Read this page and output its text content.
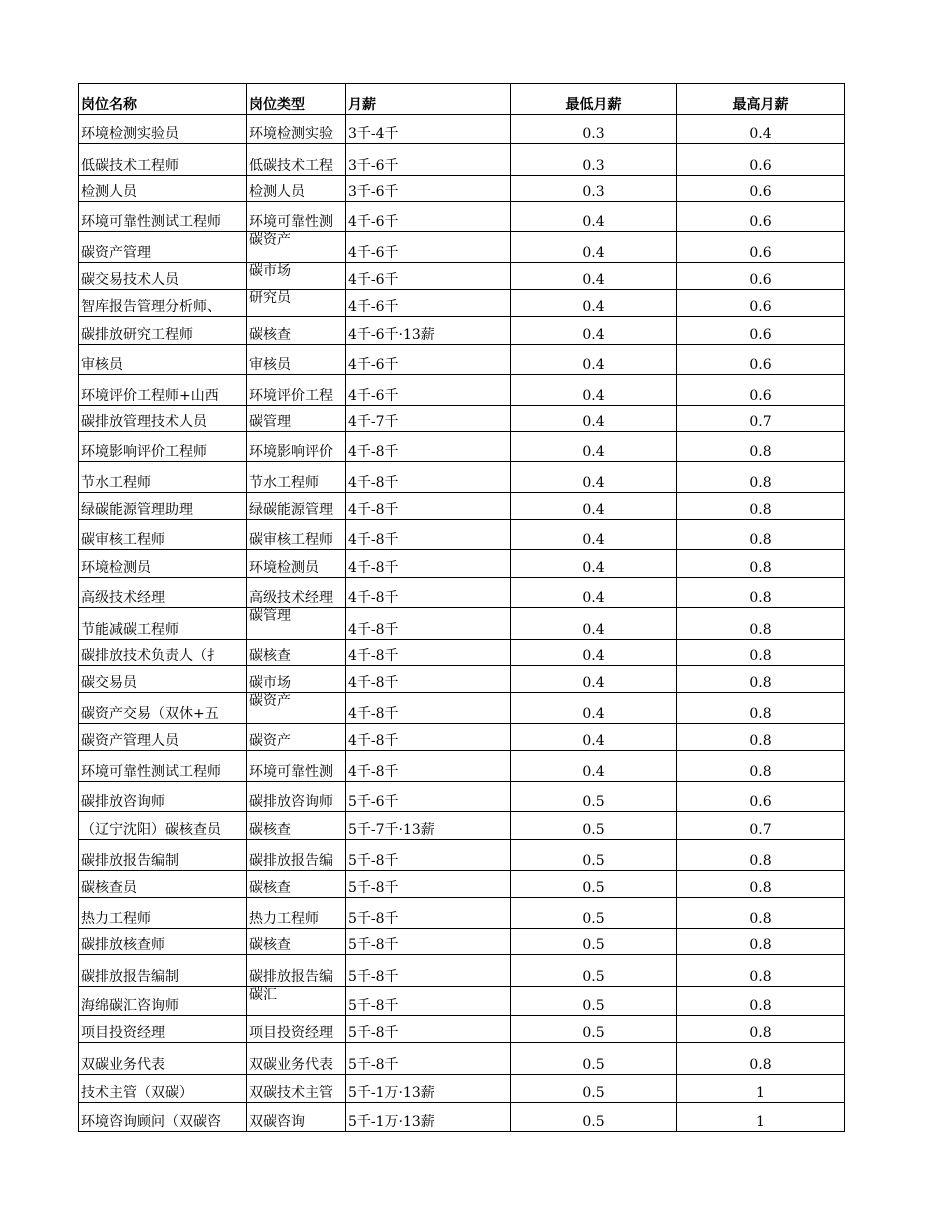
岗位名称	岗位类型	月薪	最低月薪	最高月薪
环境检测实验员	环境检测实验	3千-4千	0.3	0.4
低碳技术工程师	低碳技术工程	3千-6千	0.3	0.6
检测人员	检测人员	3千-6千	0.3	0.6
环境可靠性测试工程师	环境可靠性测	4千-6千	0.4	0.6
碳资产管理	碳资产	4千-6千	0.4	0.6
碳交易技术人员	碳市场	4千-6千	0.4	0.6
智库报告管理分析师、	研究员	4千-6千	0.4	0.6
碳排放研究工程师	碳核查	4千-6千·13薪	0.4	0.6
审核员	审核员	4千-6千	0.4	0.6
环境评价工程师+山西	环境评价工程	4千-6千	0.4	0.6
碳排放管理技术人员	碳管理	4千-7千	0.4	0.7
环境影响评价工程师	环境影响评价	4千-8千	0.4	0.8
节水工程师	节水工程师	4千-8千	0.4	0.8
绿碳能源管理助理	绿碳能源管理	4千-8千	0.4	0.8
碳审核工程师	碳审核工程师	4千-8千	0.4	0.8
环境检测员	环境检测员	4千-8千	0.4	0.8
高级技术经理	高级技术经理	4千-8千	0.4	0.8
节能减碳工程师	碳管理	4千-8千	0.4	0.8
碳排放技术负责人（扌	碳核查	4千-8千	0.4	0.8
碳交易员	碳市场	4千-8千	0.4	0.8
碳资产交易（双休+五	碳资产	4千-8千	0.4	0.8
碳资产管理人员	碳资产	4千-8千	0.4	0.8
环境可靠性测试工程师	环境可靠性测	4千-8千	0.4	0.8
碳排放咨询师	碳排放咨询师	5千-6千	0.5	0.6
（辽宁沈阳）碳核查员	碳核查	5千-7千·13薪	0.5	0.7
碳排放报告编制	碳排放报告编	5千-8千	0.5	0.8
碳核查员	碳核查	5千-8千	0.5	0.8
热力工程师	热力工程师	5千-8千	0.5	0.8
碳排放核查师	碳核查	5千-8千	0.5	0.8
碳排放报告编制	碳排放报告编	5千-8千	0.5	0.8
海绵碳汇咨询师	碳汇	5千-8千	0.5	0.8
项目投资经理	项目投资经理	5千-8千	0.5	0.8
双碳业务代表	双碳业务代表	5千-8千	0.5	0.8
技术主管（双碳）	双碳技术主管	5千-1万·13薪	0.5	1
环境咨询顾问（双碳咨	双碳咨询	5千-1万·13薪	0.5	1
